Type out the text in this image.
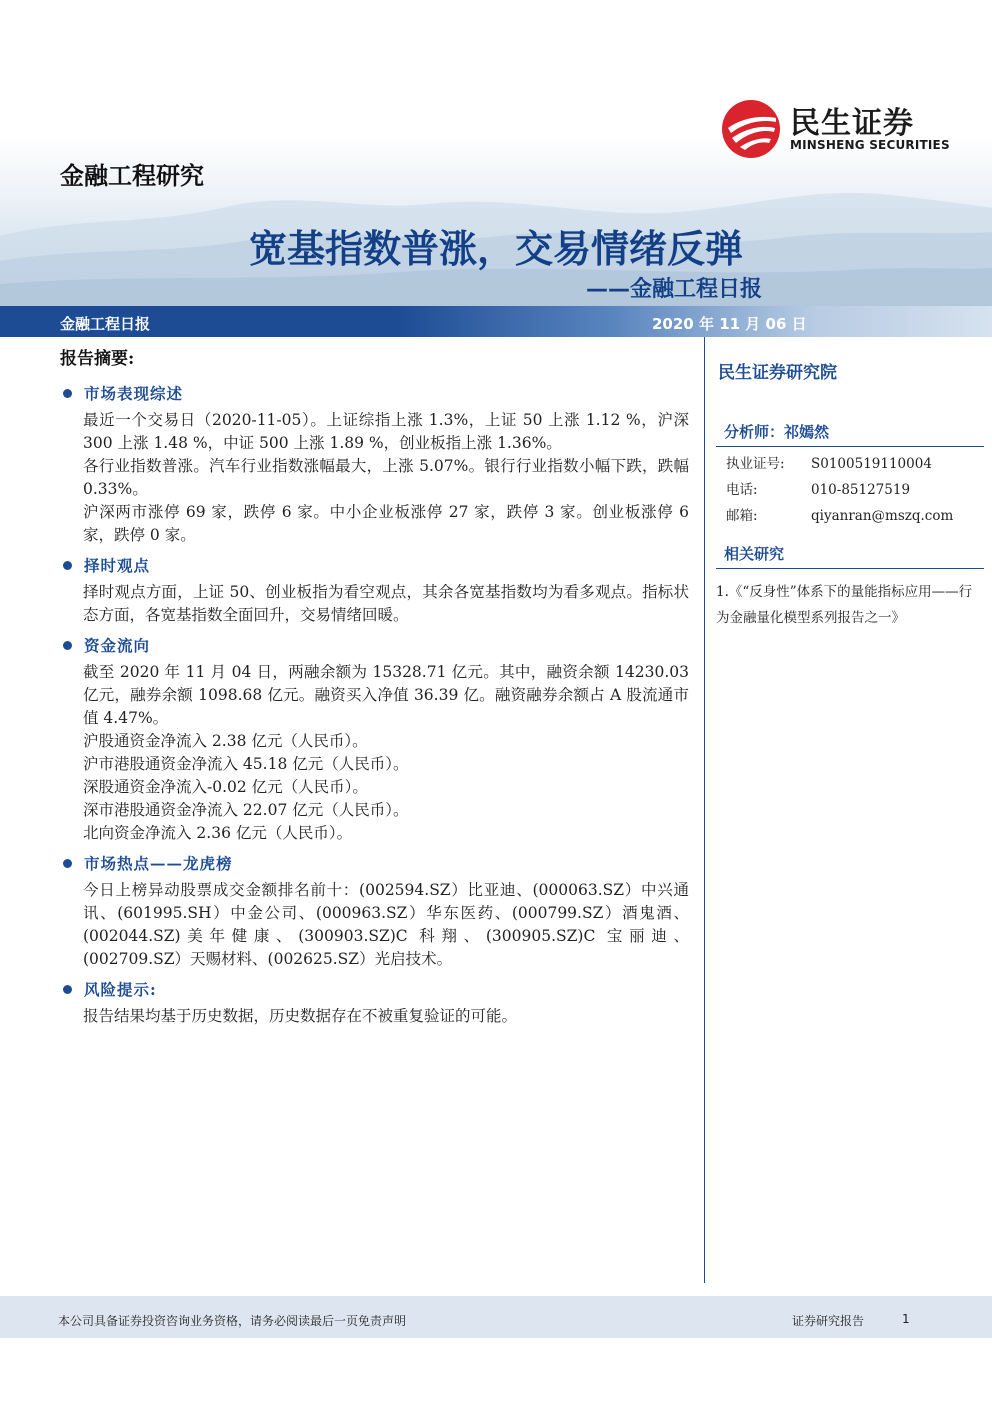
金融工程研究
民生证券
MINSHENG SECURITIES
宽基指数普涨，交易情绪反弹
——金融工程日报
金融工程日报	2020 年 11 月 06 日
报告摘要:
市场表现综述
最近一个交易日（2020-11-05）。上证综指上涨 1.3%，上证 50 上涨 1.12 %，沪深 300 上涨 1.48 %，中证 500 上涨 1.89 %，创业板指上涨 1.36%。
各行业指数普涨。汽车行业指数涨幅最大，上涨 5.07%。银行行业指数小幅下跌，跌幅 0.33%。
沪深两市涨停 69 家，跌停 6 家。中小企业板涨停 27 家，跌停 3 家。创业板涨停 6 家，跌停 0 家。
择时观点
择时观点方面，上证 50、创业板指为看空观点，其余各宽基指数均为看多观点。指标状态方面，各宽基指数全面回升，交易情绪回暖。
资金流向
截至 2020 年 11 月 04 日，两融余额为 15328.71 亿元。其中，融资余额 14230.03 亿元，融券余额 1098.68 亿元。融资买入净值 36.39 亿。融资融券余额占 A 股流通市值 4.47%。
沪股通资金净流入 2.38 亿元（人民币）。
沪市港股通资金净流入 45.18 亿元（人民币）。
深股通资金净流入-0.02 亿元（人民币）。
深市港股通资金净流入 22.07 亿元（人民币）。
北向资金净流入 2.36 亿元（人民币）。
市场热点——龙虎榜
今日上榜异动股票成交金额排名前十：(002594.SZ）比亚迪、(000063.SZ）中兴通讯、(601995.SH）中金公司、(000963.SZ）华东医药、(000799.SZ）酒鬼酒、(002044.SZ)美年健康、(300903.SZ)C 科翔、(300905.SZ)C 宝丽迪、(002709.SZ）天赐材料、(002625.SZ）光启技术。
风险提示:
报告结果均基于历史数据，历史数据存在不被重复验证的可能。
民生证券研究院
分析师：祁嫣然
执业证号:	S0100519110004
电话:	010-85127519
邮箱:	qiyanran@mszq.com
相关研究
1.《“反身性”体系下的量能指标应用——行为金融量化模型系列报告之一》
本公司具备证券投资咨询业务资格，请务必阅读最后一页免责声明	证券研究报告	1
